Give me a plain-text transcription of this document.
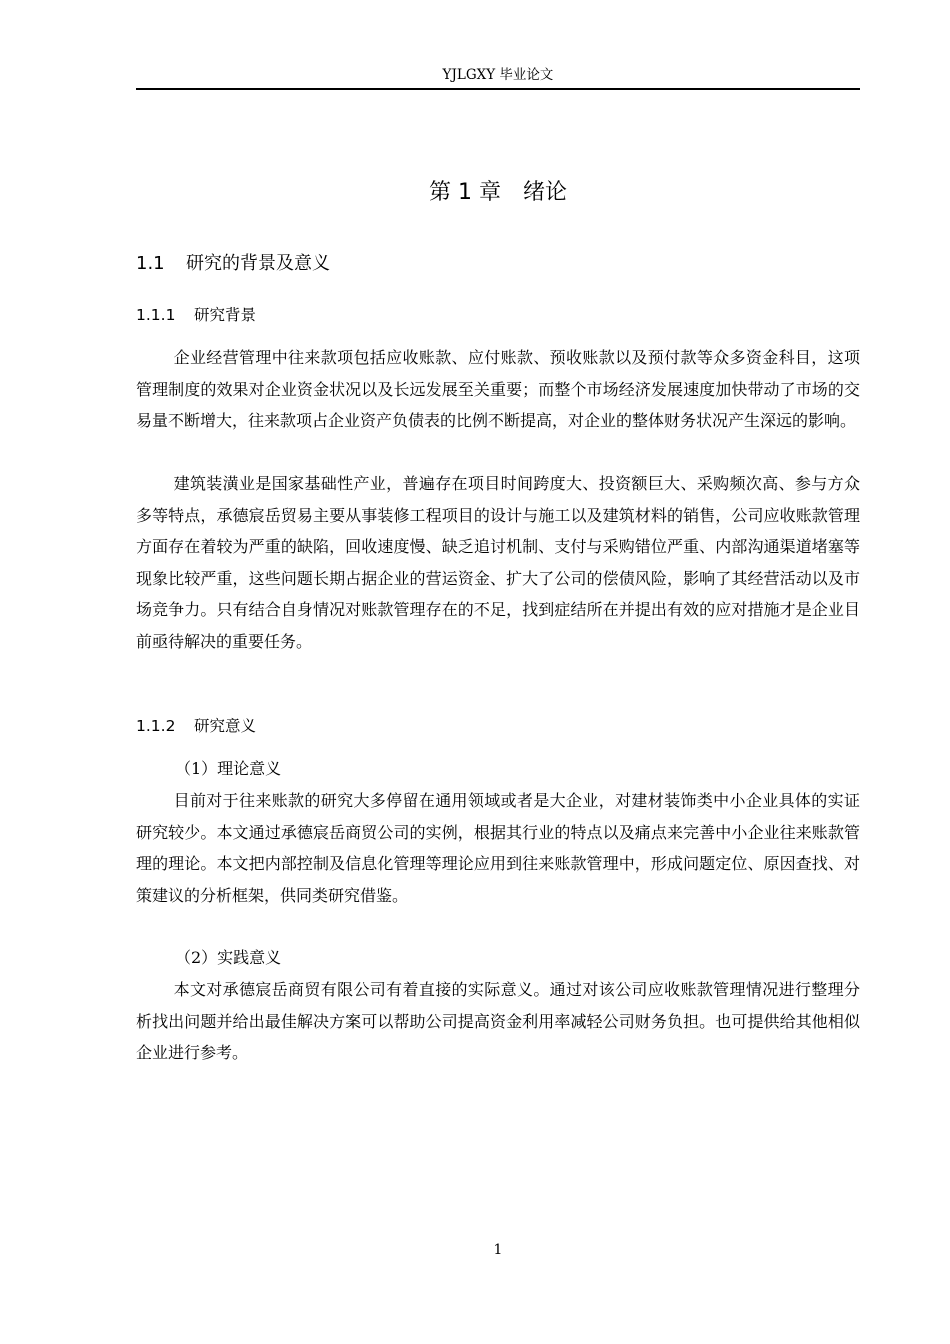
YJLGXY 毕业论文
第 1 章　绪论
1.1 研究的背景及意义
1.1.1 研究背景

企业经营管理中往来款项包括应收账款、应付账款、预收账款以及预付款等众多资金科目，这项管理制度的效果对企业资金状况以及长远发展至关重要；而整个市场经济发展速度加快带动了市场的交易量不断增大，往来款项占企业资产负债表的比例不断提高，对企业的整体财务状况产生深远的影响。

建筑装潢业是国家基础性产业，普遍存在项目时间跨度大、投资额巨大、采购频次高、参与方众多等特点，承德宸岳贸易主要从事装修工程项目的设计与施工以及建筑材料的销售，公司应收账款管理方面存在着较为严重的缺陷，回收速度慢、缺乏追讨机制、支付与采购错位严重、内部沟通渠道堵塞等现象比较严重，这些问题长期占据企业的营运资金、扩大了公司的偿债风险，影响了其经营活动以及市场竞争力。只有结合自身情况对账款管理存在的不足，找到症结所在并提出有效的应对措施才是企业目前亟待解决的重要任务。

1.1.2 研究意义
（1）理论意义

目前对于往来账款的研究大多停留在通用领域或者是大企业，对建材装饰类中小企业具体的实证研究较少。本文通过承德宸岳商贸公司的实例，根据其行业的特点以及痛点来完善中小企业往来账款管理的理论。本文把内部控制及信息化管理等理论应用到往来账款管理中，形成问题定位、原因查找、对策建议的分析框架，供同类研究借鉴。

（2）实践意义

本文对承德宸岳商贸有限公司有着直接的实际意义。通过对该公司应收账款管理情况进行整理分析找出问题并给出最佳解决方案可以帮助公司提高资金利用率减轻公司财务负担。也可提供给其他相似企业进行参考。

1
